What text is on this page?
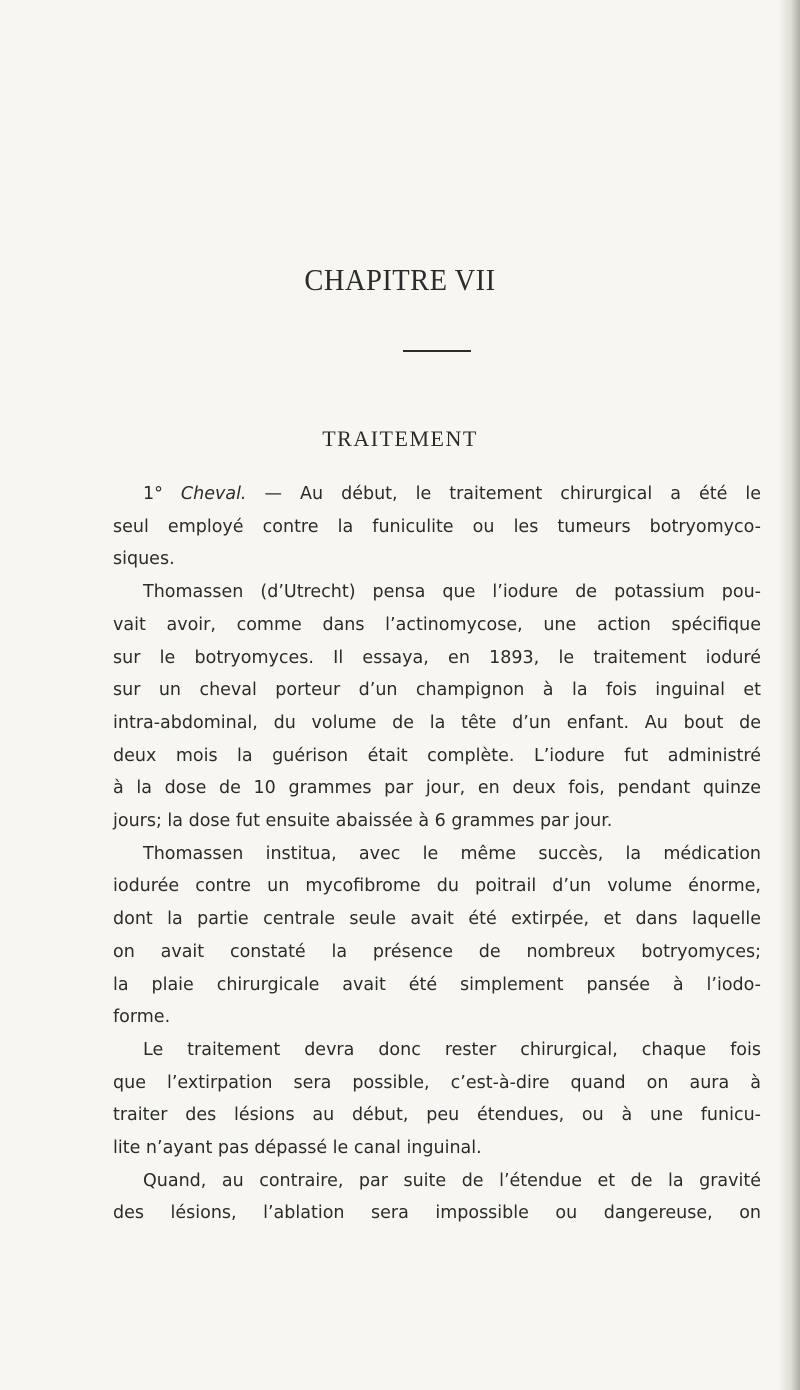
CHAPITRE VII
TRAITEMENT
1° Cheval. — Au début, le traitement chirurgical a été le
seul employé contre la funiculite ou les tumeurs botryomyco-
siques.
Thomassen (d’Utrecht) pensa que l’iodure de potassium pou-
vait avoir, comme dans l’actinomycose, une action spécifique
sur le botryomyces. Il essaya, en 1893, le traitement ioduré
sur un cheval porteur d’un champignon à la fois inguinal et
intra-abdominal, du volume de la tête d’un enfant. Au bout de
deux mois la guérison était complète. L’iodure fut administré
à la dose de 10 grammes par jour, en deux fois, pendant quinze
jours; la dose fut ensuite abaissée à 6 grammes par jour.
Thomassen institua, avec le même succès, la médication
iodurée contre un mycofibrome du poitrail d’un volume énorme,
dont la partie centrale seule avait été extirpée, et dans laquelle
on avait constaté la présence de nombreux botryomyces;
la plaie chirurgicale avait été simplement pansée à l’iodo-
forme.
Le traitement devra donc rester chirurgical, chaque fois
que l’extirpation sera possible, c’est-à-dire quand on aura à
traiter des lésions au début, peu étendues, ou à une funicu-
lite n’ayant pas dépassé le canal inguinal.
Quand, au contraire, par suite de l’étendue et de la gravité
des lésions, l’ablation sera impossible ou dangereuse, on
